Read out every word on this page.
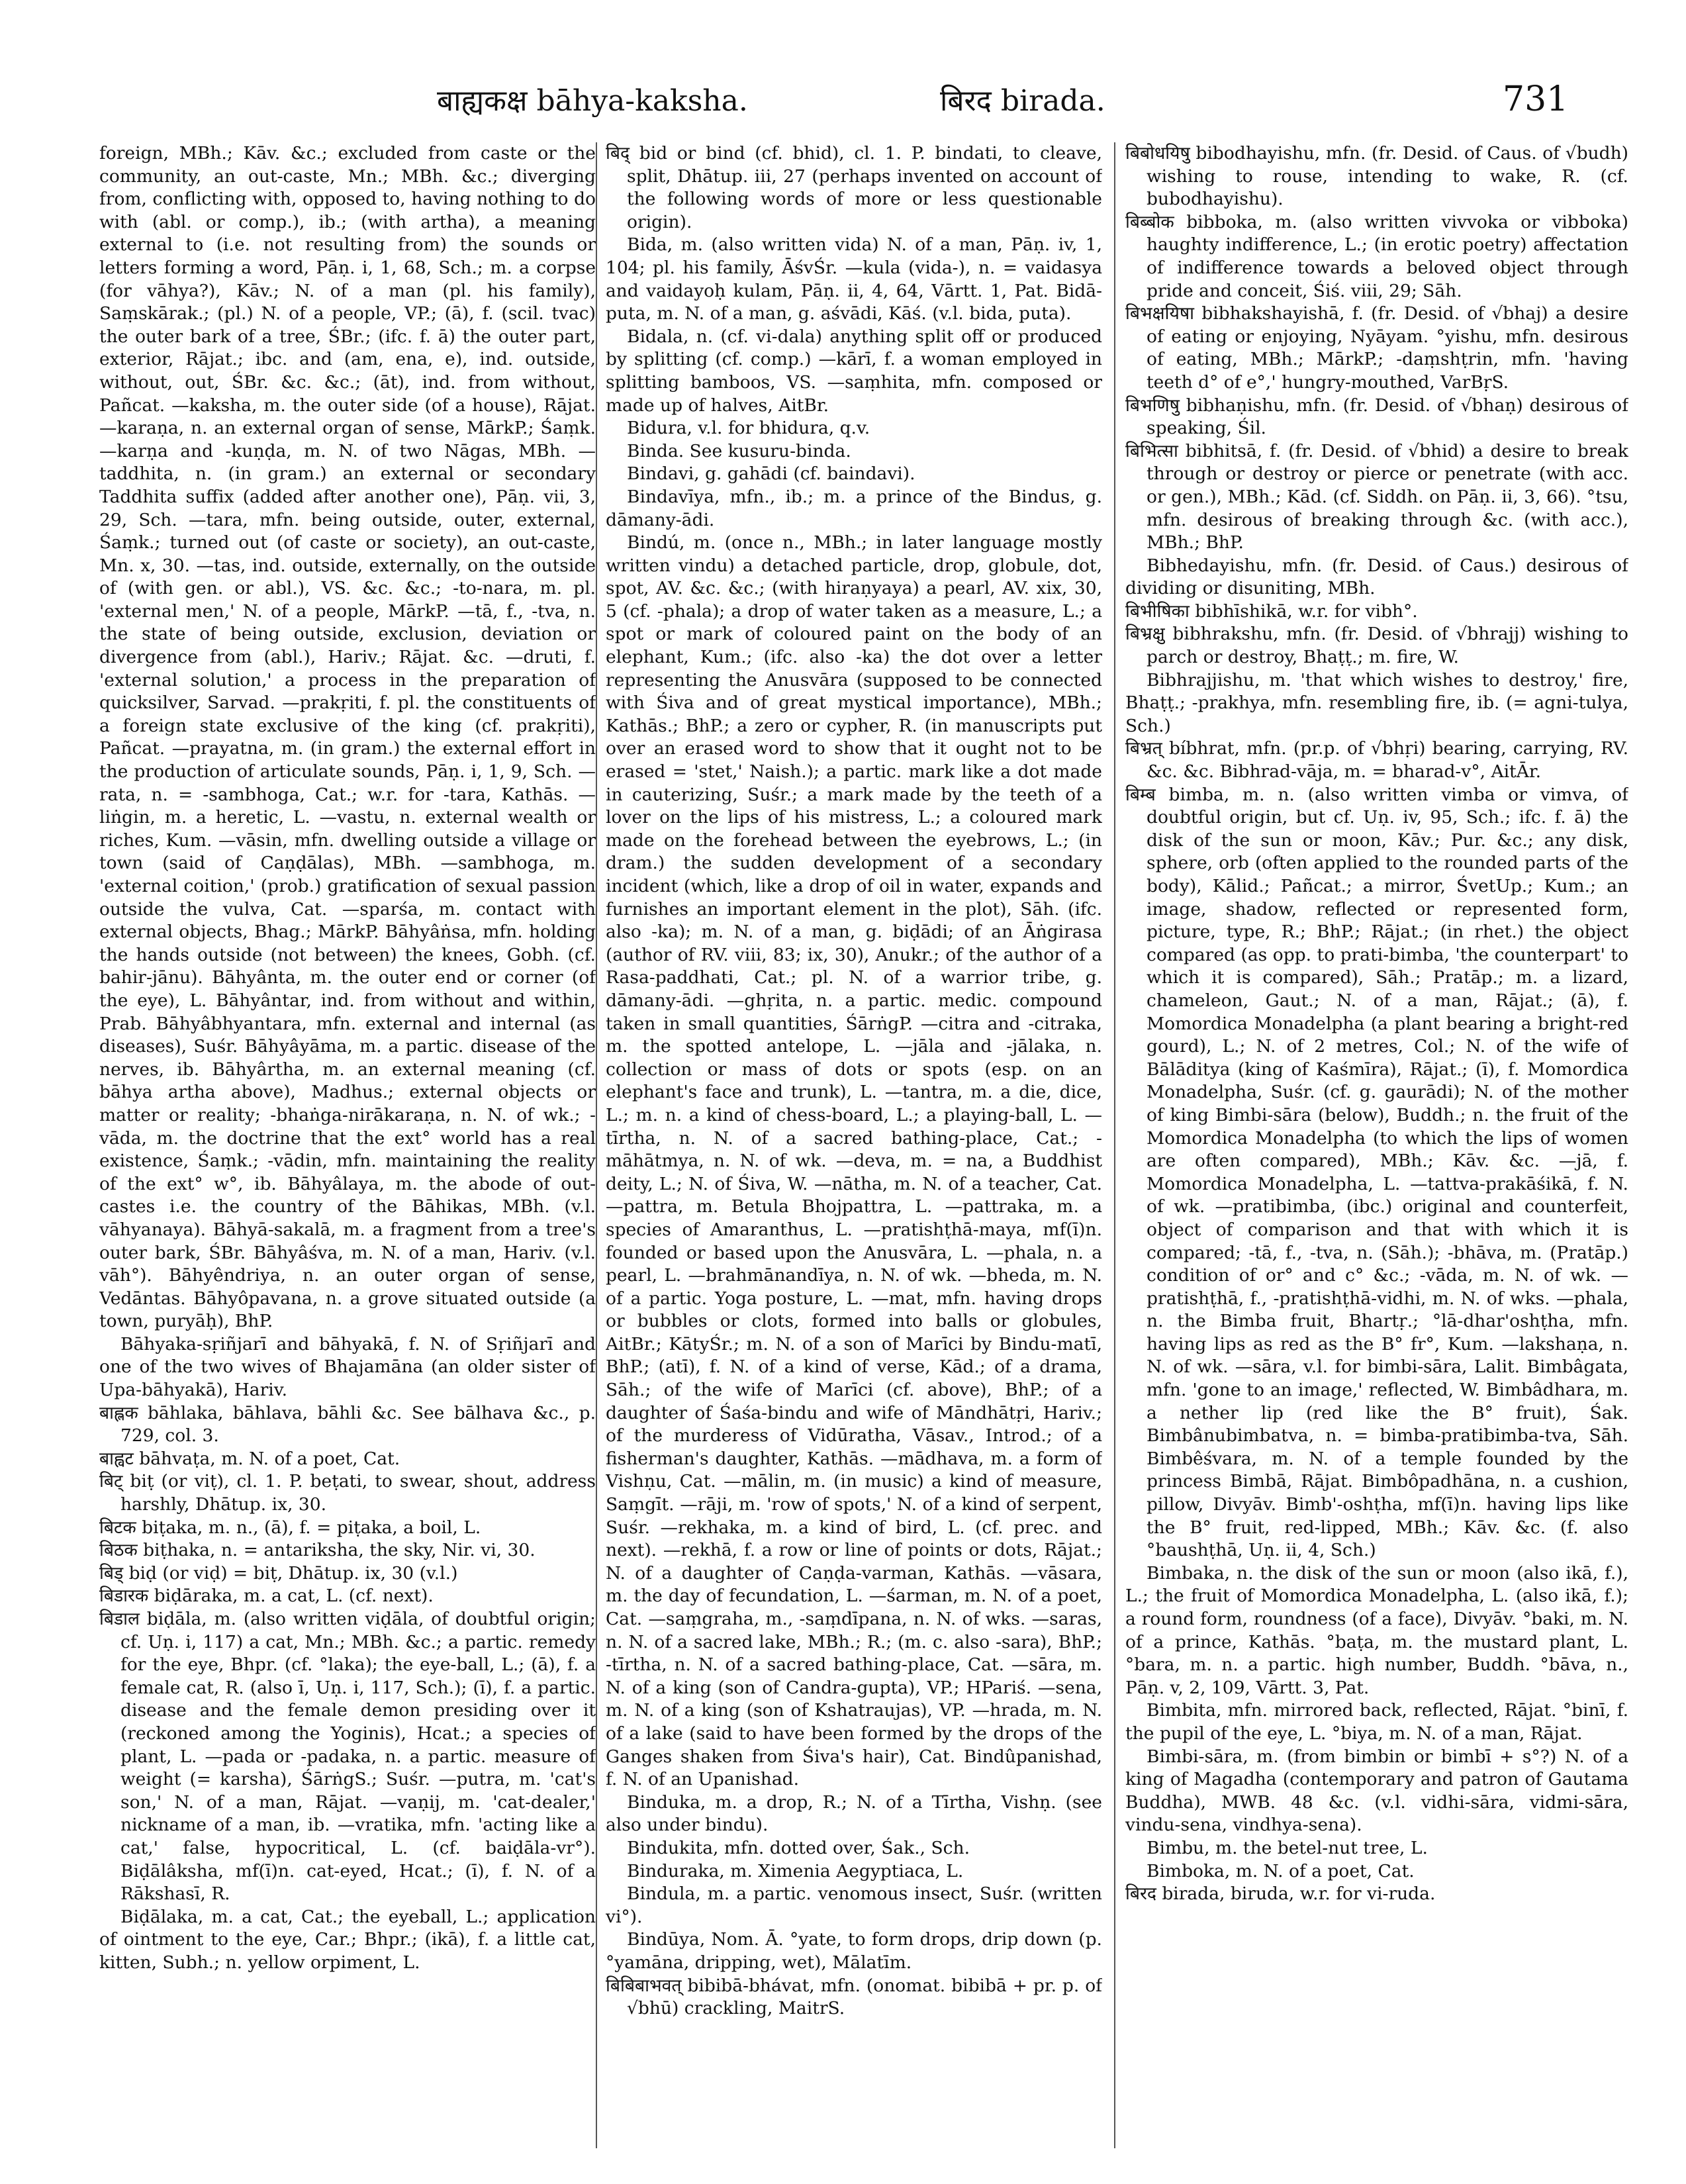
बाह्यकक्ष bāhya-kaksha.	बिरद birada.	731

foreign, MBh.; Kāv. &c.; excluded from caste or the community, an out-caste, Mn.; MBh. &c.; diverging from, conflicting with, opposed to, having nothing to do with (abl. or comp.), ib.; (with artha), a meaning external to (i.e. not resulting from) the sounds or letters forming a word, Pāṇ. i, 1, 68, Sch.; m. a corpse (for vāhya?), Kāv.; N. of a man (pl. his family), Saṃskārak.; (pl.) N. of a people, VP.; (ā), f. (scil. tvac) the outer bark of a tree, ŚBr.; (ifc. f. ā) the outer part, exterior, Rājat.; ibc. and (am, ena, e), ind. outside, without, out, ŚBr. &c. &c.; (āt), ind. from without, Pañcat. —kaksha, m. the outer side (of a house), Rājat. —karaṇa, n. an external organ of sense, MārkP.; Śaṃk. —karṇa and -kuṇḍa, m. N. of two Nāgas, MBh. —taddhita, n. (in gram.) an external or secondary Taddhita suffix (added after another one), Pāṇ. vii, 3, 29, Sch. —tara, mfn. being outside, outer, external, Śaṃk.; turned out (of caste or society), an out-caste, Mn. x, 30. —tas, ind. outside, externally, on the outside of (with gen. or abl.), VS. &c. &c.; -to-nara, m. pl. 'external men,' N. of a people, MārkP. —tā, f., -tva, n. the state of being outside, exclusion, deviation or divergence from (abl.), Hariv.; Rājat. &c. —druti, f. 'external solution,' a process in the preparation of quicksilver, Sarvad. —prakṛiti, f. pl. the constituents of a foreign state exclusive of the king (cf. prakṛiti), Pañcat. —prayatna, m. (in gram.) the external effort in the production of articulate sounds, Pāṇ. i, 1, 9, Sch. —rata, n. = -sambhoga, Cat.; w.r. for -tara, Kathās. —liṅgin, m. a heretic, L. —vastu, n. external wealth or riches, Kum. —vāsin, mfn. dwelling outside a village or town (said of Caṇḍālas), MBh. —sambhoga, m. 'external coition,' (prob.) gratification of sexual passion outside the vulva, Cat. —sparśa, m. contact with external objects, Bhag.; MārkP. Bāhyâṅsa, mfn. holding the hands outside (not between) the knees, Gobh. (cf. bahir-jānu). Bāhyânta, m. the outer end or corner (of the eye), L. Bāhyântar, ind. from without and within, Prab. Bāhyâbhyantara, mfn. external and internal (as diseases), Suśr. Bāhyâyāma, m. a partic. disease of the nerves, ib. Bāhyârtha, m. an external meaning (cf. bāhya artha above), Madhus.; external objects or matter or reality; -bhaṅga-nirākaraṇa, n. N. of wk.; -vāda, m. the doctrine that the ext° world has a real existence, Śaṃk.; -vādin, mfn. maintaining the reality of the ext° w°, ib. Bāhyâlaya, m. the abode of out-castes i.e. the country of the Bāhikas, MBh. (v.l. vāhyanaya). Bāhyā-sakalā, m. a fragment from a tree's outer bark, ŚBr. Bāhyâśva, m. N. of a man, Hariv. (v.l. vāh°). Bāhyêndriya, n. an outer organ of sense, Vedāntas. Bāhyôpavana, n. a grove situated outside (a town, puryāḥ), BhP.

Bāhyaka-sṛiñjarī and bāhyakā, f. N. of Sṛiñjarī and one of the two wives of Bhajamāna (an older sister of Upa-bāhyakā), Hariv.

बाह्लक bāhlaka, bāhlava, bāhli &c. See bālhava &c., p. 729, col. 3.

बाह्वट bāhvaṭa, m. N. of a poet, Cat.

बिट् biṭ (or viṭ), cl. 1. P. beṭati, to swear, shout, address harshly, Dhātup. ix, 30.

बिटक biṭaka, m. n., (ā), f. = piṭaka, a boil, L.

बिठक biṭhaka, n. = antariksha, the sky, Nir. vi, 30.

बिड् biḍ (or viḍ) = biṭ, Dhātup. ix, 30 (v.l.)

बिडारक biḍāraka, m. a cat, L. (cf. next).

बिडाल biḍāla, m. (also written viḍāla, of doubtful origin; cf. Uṇ. i, 117) a cat, Mn.; MBh. &c.; a partic. remedy for the eye, Bhpr. (cf. °laka); the eye-ball, L.; (ā), f. a female cat, R. (also ī, Uṇ. i, 117, Sch.); (ī), f. a partic. disease and the female demon presiding over it (reckoned among the Yoginis), Hcat.; a species of plant, L. —pada or -padaka, n. a partic. measure of weight (= karsha), ŚārṅgS.; Suśr. —putra, m. 'cat's son,' N. of a man, Rājat. —vaṇij, m. 'cat-dealer,' nickname of a man, ib. —vratika, mfn. 'acting like a cat,' false, hypocritical, L. (cf. baiḍāla-vr°). Biḍālâksha, mf(ī)n. cat-eyed, Hcat.; (ī), f. N. of a Rākshasī, R.

Biḍālaka, m. a cat, Cat.; the eyeball, L.; application of ointment to the eye, Car.; Bhpr.; (ikā), f. a little cat, kitten, Subh.; n. yellow orpiment, L.

बिद् bid or bind (cf. bhid), cl. 1. P. bindati, to cleave, split, Dhātup. iii, 27 (perhaps invented on account of the following words of more or less questionable origin).

Bida, m. (also written vida) N. of a man, Pāṇ. iv, 1, 104; pl. his family, ĀśvŚr. —kula (vida-), n. = vaidasya and vaidayoḥ kulam, Pāṇ. ii, 4, 64, Vārtt. 1, Pat. Bidā-puta, m. N. of a man, g. aśvādi, Kāś. (v.l. bida, puta).

Bidala, n. (cf. vi-dala) anything split off or produced by splitting (cf. comp.) —kārī, f. a woman employed in splitting bamboos, VS. —saṃhita, mfn. composed or made up of halves, AitBr.

Bidura, v.l. for bhidura, q.v.

Binda. See kusuru-binda.

Bindavi, g. gahādi (cf. baindavi).

Bindavīya, mfn., ib.; m. a prince of the Bindus, g. dāmany-ādi.

Bindú, m. (once n., MBh.; in later language mostly written vindu) a detached particle, drop, globule, dot, spot, AV. &c. &c.; (with hiraṇyaya) a pearl, AV. xix, 30, 5 (cf. -phala); a drop of water taken as a measure, L.; a spot or mark of coloured paint on the body of an elephant, Kum.; (ifc. also -ka) the dot over a letter representing the Anusvāra (supposed to be connected with Śiva and of great mystical importance), MBh.; Kathās.; BhP.; a zero or cypher, R. (in manuscripts put over an erased word to show that it ought not to be erased = 'stet,' Naish.); a partic. mark like a dot made in cauterizing, Suśr.; a mark made by the teeth of a lover on the lips of his mistress, L.; a coloured mark made on the forehead between the eyebrows, L.; (in dram.) the sudden development of a secondary incident (which, like a drop of oil in water, expands and furnishes an important element in the plot), Sāh. (ifc. also -ka); m. N. of a man, g. biḍādi; of an Āṅgirasa (author of RV. viii, 83; ix, 30), Anukr.; of the author of a Rasa-paddhati, Cat.; pl. N. of a warrior tribe, g. dāmany-ādi. —ghṛita, n. a partic. medic. compound taken in small quantities, ŚārṅgP. —citra and -citraka, m. the spotted antelope, L. —jāla and -jālaka, n. collection or mass of dots or spots (esp. on an elephant's face and trunk), L. —tantra, m. a die, dice, L.; m. n. a kind of chess-board, L.; a playing-ball, L. —tīrtha, n. N. of a sacred bathing-place, Cat.; -māhātmya, n. N. of wk. —deva, m. = na, a Buddhist deity, L.; N. of Śiva, W. —nātha, m. N. of a teacher, Cat. —pattra, m. Betula Bhojpattra, L. —pattraka, m. a species of Amaranthus, L. —pratishṭhā-maya, mf(ī)n. founded or based upon the Anusvāra, L. —phala, n. a pearl, L. —brahmānandīya, n. N. of wk. —bheda, m. N. of a partic. Yoga posture, L. —mat, mfn. having drops or bubbles or clots, formed into balls or globules, AitBr.; KātyŚr.; m. N. of a son of Marīci by Bindu-matī, BhP.; (atī), f. N. of a kind of verse, Kād.; of a drama, Sāh.; of the wife of Marīci (cf. above), BhP.; of a daughter of Śaśa-bindu and wife of Māndhātṛi, Hariv.; of the murderess of Vidūratha, Vāsav., Introd.; of a fisherman's daughter, Kathās. —mādhava, m. a form of Vishṇu, Cat. —mālin, m. (in music) a kind of measure, Saṃgīt. —rāji, m. 'row of spots,' N. of a kind of serpent, Suśr. —rekhaka, m. a kind of bird, L. (cf. prec. and next). —rekhā, f. a row or line of points or dots, Rājat.; N. of a daughter of Caṇḍa-varman, Kathās. —vāsara, m. the day of fecundation, L. —śarman, m. N. of a poet, Cat. —saṃgraha, m., -saṃdīpana, n. N. of wks. —saras, n. N. of a sacred lake, MBh.; R.; (m. c. also -sara), BhP.; -tīrtha, n. N. of a sacred bathing-place, Cat. —sāra, m. N. of a king (son of Candra-gupta), VP.; HPariś. —sena, m. N. of a king (son of Kshatraujas), VP. —hrada, m. N. of a lake (said to have been formed by the drops of the Ganges shaken from Śiva's hair), Cat. Bindûpanishad, f. N. of an Upanishad.

Binduka, m. a drop, R.; N. of a Tīrtha, Vishṇ. (see also under bindu).

Bindukita, mfn. dotted over, Śak., Sch.

Binduraka, m. Ximenia Aegyptiaca, L.

Bindula, m. a partic. venomous insect, Suśr. (written vi°).

Bindūya, Nom. Ā. °yate, to form drops, drip down (p. °yamāna, dripping, wet), Mālatīm.

बिबिबाभवत् bibibā-bhávat, mfn. (onomat. bibibā + pr. p. of √bhū) crackling, MaitrS.

बिबोधयिषु bibodhayishu, mfn. (fr. Desid. of Caus. of √budh) wishing to rouse, intending to wake, R. (cf. bubodhayishu).

बिब्बोक bibboka, m. (also written vivvoka or vibboka) haughty indifference, L.; (in erotic poetry) affectation of indifference towards a beloved object through pride and conceit, Śiś. viii, 29; Sāh.

बिभक्षयिषा bibhakshayishā, f. (fr. Desid. of √bhaj) a desire of eating or enjoying, Nyāyam. °yishu, mfn. desirous of eating, MBh.; MārkP.; -daṃshṭrin, mfn. 'having teeth d° of e°,' hungry-mouthed, VarBṛS.

बिभणिषु bibhaṇishu, mfn. (fr. Desid. of √bhaṇ) desirous of speaking, Śil.

बिभित्सा bibhitsā, f. (fr. Desid. of √bhid) a desire to break through or destroy or pierce or penetrate (with acc. or gen.), MBh.; Kād. (cf. Siddh. on Pāṇ. ii, 3, 66). °tsu, mfn. desirous of breaking through &c. (with acc.), MBh.; BhP.

Bibhedayishu, mfn. (fr. Desid. of Caus.) desirous of dividing or disuniting, MBh.

बिभीषिका bibhīshikā, w.r. for vibh°.

बिभ्रक्षु bibhrakshu, mfn. (fr. Desid. of √bhrajj) wishing to parch or destroy, Bhaṭṭ.; m. fire, W.

Bibhrajjishu, m. 'that which wishes to destroy,' fire, Bhaṭṭ.; -prakhya, mfn. resembling fire, ib. (= agni-tulya, Sch.)

बिभ्रत् bíbhrat, mfn. (pr.p. of √bhṛi) bearing, carrying, RV. &c. &c. Bibhrad-vāja, m. = bharad-v°, AitĀr.

बिम्ब bimba, m. n. (also written vimba or vimva, of doubtful origin, but cf. Uṇ. iv, 95, Sch.; ifc. f. ā) the disk of the sun or moon, Kāv.; Pur. &c.; any disk, sphere, orb (often applied to the rounded parts of the body), Kālid.; Pañcat.; a mirror, ŚvetUp.; Kum.; an image, shadow, reflected or represented form, picture, type, R.; BhP.; Rājat.; (in rhet.) the object compared (as opp. to prati-bimba, 'the counterpart' to which it is compared), Sāh.; Pratāp.; m. a lizard, chameleon, Gaut.; N. of a man, Rājat.; (ā), f. Momordica Monadelpha (a plant bearing a bright-red gourd), L.; N. of 2 metres, Col.; N. of the wife of Bālāditya (king of Kaśmīra), Rājat.; (ī), f. Momordica Monadelpha, Suśr. (cf. g. gaurādi); N. of the mother of king Bimbi-sāra (below), Buddh.; n. the fruit of the Momordica Monadelpha (to which the lips of women are often compared), MBh.; Kāv. &c. —jā, f. Momordica Monadelpha, L. —tattva-prakāśikā, f. N. of wk. —pratibimba, (ibc.) original and counterfeit, object of comparison and that with which it is compared; -tā, f., -tva, n. (Sāh.); -bhāva, m. (Pratāp.) condition of or° and c° &c.; -vāda, m. N. of wk. —pratishṭhā, f., -pratishṭhā-vidhi, m. N. of wks. —phala, n. the Bimba fruit, Bhartṛ.; °lā-dhar'oshṭha, mfn. having lips as red as the B° fr°, Kum. —lakshaṇa, n. N. of wk. —sāra, v.l. for bimbi-sāra, Lalit. Bimbâgata, mfn. 'gone to an image,' reflected, W. Bimbâdhara, m. a nether lip (red like the B° fruit), Śak. Bimbânubimbatva, n. = bimba-pratibimba-tva, Sāh. Bimbêśvara, m. N. of a temple founded by the princess Bimbā, Rājat. Bimbôpadhāna, n. a cushion, pillow, Divyāv. Bimb'-oshṭha, mf(ī)n. having lips like the B° fruit, red-lipped, MBh.; Kāv. &c. (f. also °baushṭhā, Uṇ. ii, 4, Sch.)

Bimbaka, n. the disk of the sun or moon (also ikā, f.), L.; the fruit of Momordica Monadelpha, L. (also ikā, f.); a round form, roundness (of a face), Divyāv. °baki, m. N. of a prince, Kathās. °baṭa, m. the mustard plant, L. °bara, m. n. a partic. high number, Buddh. °bāva, n., Pāṇ. v, 2, 109, Vārtt. 3, Pat.

Bimbita, mfn. mirrored back, reflected, Rājat. °binī, f. the pupil of the eye, L. °biya, m. N. of a man, Rājat.

Bimbi-sāra, m. (from bimbin or bimbī + s°?) N. of a king of Magadha (contemporary and patron of Gautama Buddha), MWB. 48 &c. (v.l. vidhi-sāra, vidmi-sāra, vindu-sena, vindhya-sena).

Bimbu, m. the betel-nut tree, L.

Bimboka, m. N. of a poet, Cat.

बिरद birada, biruda, w.r. for vi-ruda.
